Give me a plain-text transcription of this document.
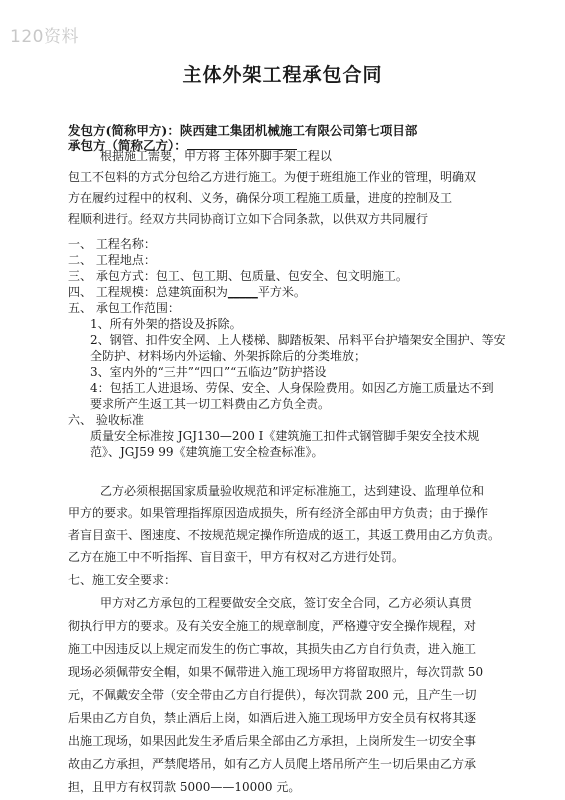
120资料
主体外架工程承包合同
发包方(简称甲方)：陕西建工集团机械施工有限公司第七项目部
承包方（简称乙方）：
根据施工需要，甲方将 主体外脚手架工程以
包工不包料的方式分包给乙方进行施工。为便于班组施工作业的管理，明确双
方在履约过程中的权利、义务，确保分项工程施工质量，进度的控制及工
程顺利进行。经双方共同协商订立如下合同条款，以供双方共同履行
一、 工程名称：
二、 工程地点：
三、 承包方式：包工、包工期、包质量、包安全、包文明施工。
四、 工程规模：总建筑面积为_____平方米。
五、 承包工作范围：
1、所有外架的搭设及拆除。
2、钢管、扣件安全网、上人楼梯、脚踏板架、吊料平台护墙架安全围护、等安
全防护、材料场内外运输、外架拆除后的分类堆放；
3、室内外的“三井”“四口”“五临边”防护搭设
4：包括工人进退场、劳保、安全、人身保险费用。如因乙方施工质量达不到
要求所产生返工其一切工料费由乙方负全责。
六、 验收标准
质量安全标准按 JGJ130—200 I《建筑施工扣件式钢管脚手架安全技术规
范》、JGJ59 99《建筑施工安全检查标准》。
乙方必须根据国家质量验收规范和评定标准施工，达到建设、监理单位和
甲方的要求。如果管理指挥原因造成损失，所有经济全部由甲方负责；由于操作
者盲目蛮干、图速度、不按规范规定操作所造成的返工，其返工费用由乙方负责。
乙方在施工中不听指挥、盲目蛮干，甲方有权对乙方进行处罚。
七、施工安全要求：
甲方对乙方承包的工程要做安全交底，签订安全合同，乙方必须认真贯
彻执行甲方的要求。及有关安全施工的规章制度，严格遵守安全操作规程，对
施工中因违反以上规定而发生的伤亡事故，其损失由乙方自行负责，进入施工
现场必须佩带安全帽，如果不佩带进入施工现场甲方将留取照片，每次罚款 50
元，不佩戴安全带（安全带由乙方自行提供），每次罚款 200 元，且产生一切
后果由乙方自负，禁止酒后上岗，如酒后进入施工现场甲方安全员有权将其逐
出施工现场，如果因此发生矛盾后果全部由乙方承担，上岗所发生一切安全事
故由乙方承担，严禁爬塔吊，如有乙方人员爬上塔吊所产生一切后果由乙方承
担，且甲方有权罚款 5000——10000 元。
